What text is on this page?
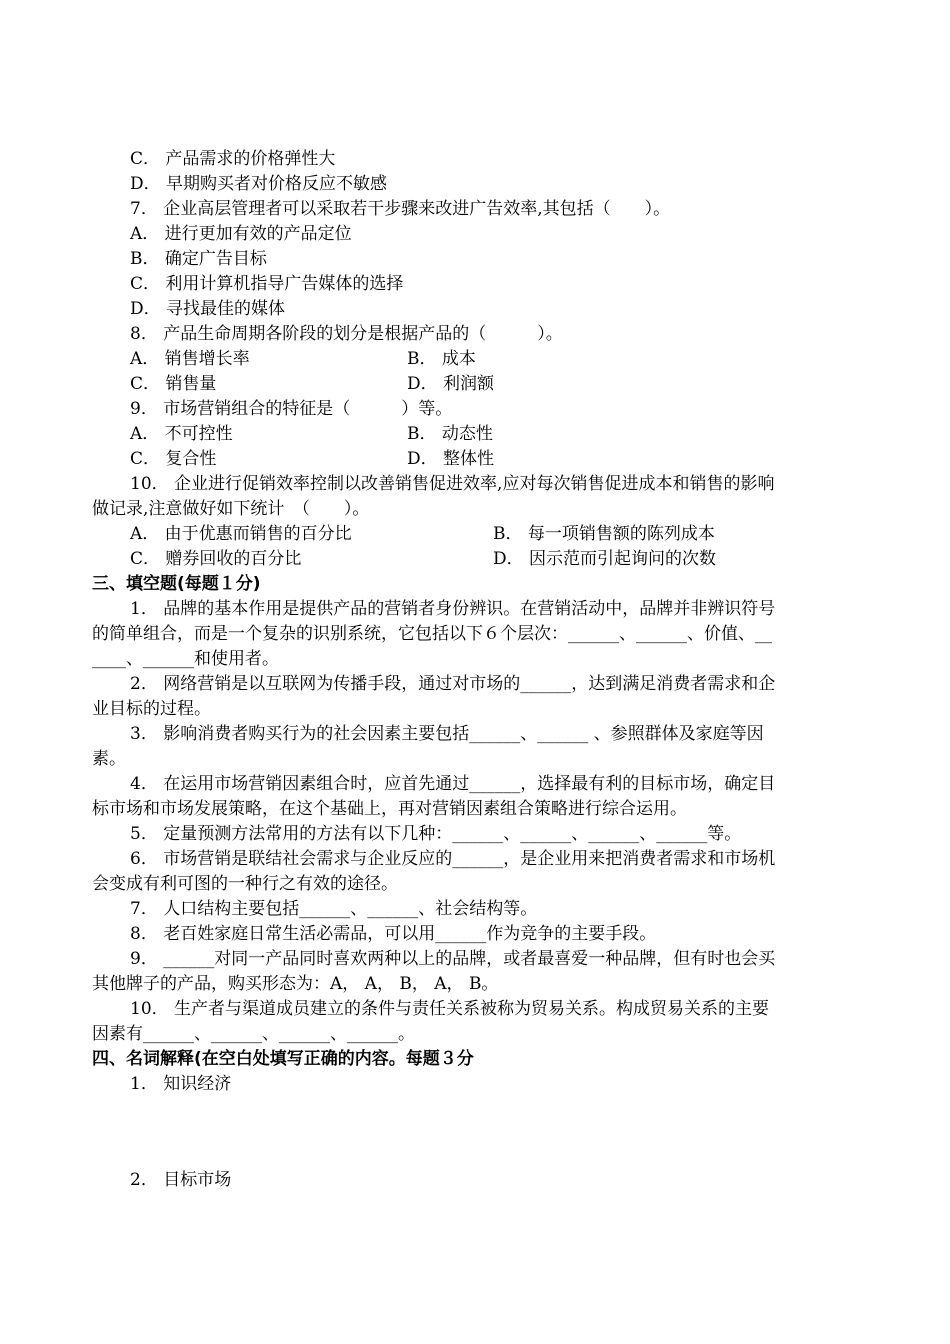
C． 产品需求的价格弹性大
D． 早期购买者对价格反应不敏感
7． 企业高层管理者可以采取若干步骤来改进广告效率,其包括（　　）。
A． 进行更加有效的产品定位
B． 确定广告目标
C． 利用计算机指导广告媒体的选择
D． 寻找最佳的媒体
8． 产品生命周期各阶段的划分是根据产品的（　　　）。
A． 销售增长率	B． 成本
C． 销售量	D． 利润额
9． 市场营销组合的特征是（　　　）等。
A． 不可控性	B． 动态性
C． 复合性	D． 整体性
10． 企业进行促销效率控制以改善销售促进效率,应对每次销售促进成本和销售的影响
做记录,注意做好如下统计　（　　）。
A． 由于优惠而销售的百分比	B． 每一项销售额的陈列成本
C． 赠券回收的百分比	D． 因示范而引起询问的次数
三、填空题(每题１分)
1． 品牌的基本作用是提供产品的营销者身份辨识。在营销活动中，品牌并非辨识符号
的简单组合，而是一个复杂的识别系统，它包括以下６个层次：______、______、价值、__
____、______和使用者。
2． 网络营销是以互联网为传播手段，通过对市场的______，达到满足消费者需求和企
业目标的过程。
3． 影响消费者购买行为的社会因素主要包括______、______ 、参照群体及家庭等因
素。
4． 在运用市场营销因素组合时，应首先通过______，选择最有利的目标市场，确定目
标市场和市场发展策略，在这个基础上，再对营销因素组合策略进行综合运用。
5． 定量预测方法常用的方法有以下几种：______、______、______、______等。
6． 市场营销是联结社会需求与企业反应的______，是企业用来把消费者需求和市场机
会变成有利可图的一种行之有效的途径。
7． 人口结构主要包括______、______、社会结构等。
8． 老百姓家庭日常生活必需品，可以用______作为竞争的主要手段。
9． ______对同一产品同时喜欢两种以上的品牌，或者最喜爱一种品牌，但有时也会买
其他牌子的产品，购买形态为：A， A， B， A， B。
10． 生产者与渠道成员建立的条件与责任关系被称为贸易关系。构成贸易关系的主要
因素有______、______、______、______。
四、名词解释(在空白处填写正确的内容。每题３分
1． 知识经济
2． 目标市场
